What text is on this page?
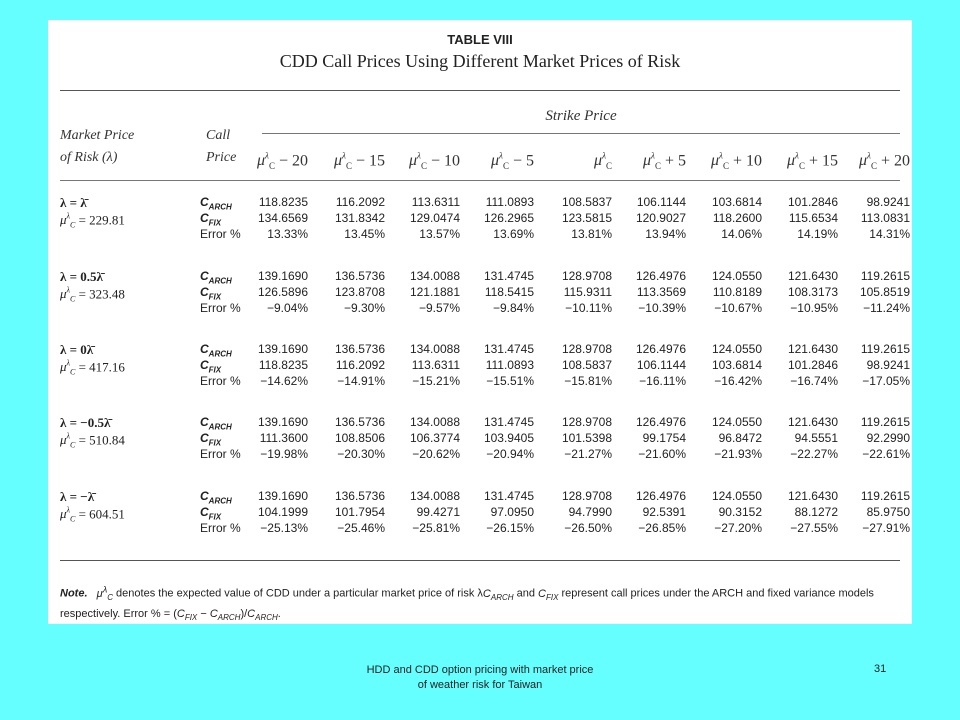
TABLE VIII
CDD Call Prices Using Different Market Prices of Risk
Market Price
of Risk (λ)
Call
Price
Strike Price
$\mu^\lambda_C - 20$	$\mu^\lambda_C - 15$	$\mu^\lambda_C - 10$	$\mu^\lambda_C - 5$	$\mu^\lambda_C$	$\mu^\lambda_C + 5$	$\mu^\lambda_C + 10$	$\mu^\lambda_C + 15$	$\mu^\lambda_C + 20$
λ = λ̄
$\mu^\lambda_C = 229.81$
$C_{ARCH}$	118.8235	116.2092	113.6311	111.0893	108.5837	106.1144	103.6814	101.2846	98.9241
$C_{FIX}$	134.6569	131.8342	129.0474	126.2965	123.5815	120.9027	118.2600	115.6534	113.0831
Error %	13.33%	13.45%	13.57%	13.69%	13.81%	13.94%	14.06%	14.19%	14.31%
λ = 0.5λ̄
$\mu^\lambda_C = 323.48$
$C_{ARCH}$	139.1690	136.5736	134.0088	131.4745	128.9708	126.4976	124.0550	121.6430	119.2615
$C_{FIX}$	126.5896	123.8708	121.1881	118.5415	115.9311	113.3569	110.8189	108.3173	105.8519
Error %	−9.04%	−9.30%	−9.57%	−9.84%	−10.11%	−10.39%	−10.67%	−10.95%	−11.24%
λ = 0λ̄
$\mu^\lambda_C = 417.16$
$C_{ARCH}$	139.1690	136.5736	134.0088	131.4745	128.9708	126.4976	124.0550	121.6430	119.2615
$C_{FIX}$	118.8235	116.2092	113.6311	111.0893	108.5837	106.1144	103.6814	101.2846	98.9241
Error %	−14.62%	−14.91%	−15.21%	−15.51%	−15.81%	−16.11%	−16.42%	−16.74%	−17.05%
λ = −0.5λ̄
$\mu^\lambda_C = 510.84$
$C_{ARCH}$	139.1690	136.5736	134.0088	131.4745	128.9708	126.4976	124.0550	121.6430	119.2615
$C_{FIX}$	111.3600	108.8506	106.3774	103.9405	101.5398	99.1754	96.8472	94.5551	92.2990
Error %	−19.98%	−20.30%	−20.62%	−20.94%	−21.27%	−21.60%	−21.93%	−22.27%	−22.61%
λ = −λ̄
$\mu^\lambda_C = 604.51$
$C_{ARCH}$	139.1690	136.5736	134.0088	131.4745	128.9708	126.4976	124.0550	121.6430	119.2615
$C_{FIX}$	104.1999	101.7954	99.4271	97.0950	94.7990	92.5391	90.3152	88.1272	85.9750
Error %	−25.13%	−25.46%	−25.81%	−26.15%	−26.50%	−26.85%	−27.20%	−27.55%	−27.91%
Note. $\mu^\lambda_C$ denotes the expected value of CDD under a particular market price of risk $\lambda C_{ARCH}$ and $C_{FIX}$ represent call prices under the ARCH and fixed variance models respectively. Error % = $(C_{FIX} - C_{ARCH})/C_{ARCH}$.
HDD and CDD option pricing with market price
of weather risk for Taiwan
31
